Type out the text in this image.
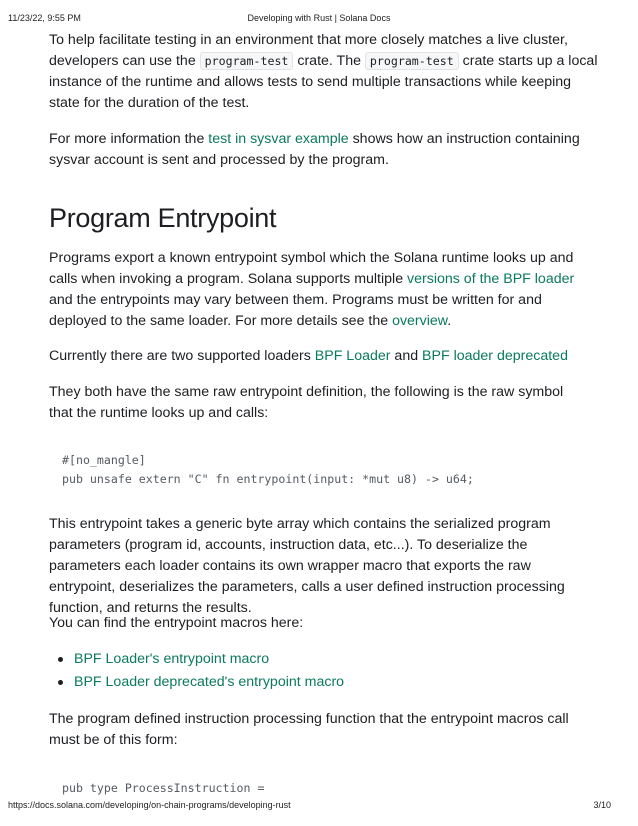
11/23/22, 9:55 PM	Developing with Rust | Solana Docs

To help facilitate testing in an environment that more closely matches a live cluster, developers can use the program-test crate. The program-test crate starts up a local instance of the runtime and allows tests to send multiple transactions while keeping state for the duration of the test.

For more information the test in sysvar example shows how an instruction containing sysvar account is sent and processed by the program.

Program Entrypoint

Programs export a known entrypoint symbol which the Solana runtime looks up and calls when invoking a program. Solana supports multiple versions of the BPF loader and the entrypoints may vary between them. Programs must be written for and deployed to the same loader. For more details see the overview.

Currently there are two supported loaders BPF Loader and BPF loader deprecated

They both have the same raw entrypoint definition, the following is the raw symbol that the runtime looks up and calls:

#[no_mangle]
pub unsafe extern "C" fn entrypoint(input: *mut u8) -> u64;

This entrypoint takes a generic byte array which contains the serialized program parameters (program id, accounts, instruction data, etc...). To deserialize the parameters each loader contains its own wrapper macro that exports the raw entrypoint, deserializes the parameters, calls a user defined instruction processing function, and returns the results.

You can find the entrypoint macros here:

BPF Loader's entrypoint macro
BPF Loader deprecated's entrypoint macro

The program defined instruction processing function that the entrypoint macros call must be of this form:

pub type ProcessInstruction =
https://docs.solana.com/developing/on-chain-programs/developing-rust	3/10
